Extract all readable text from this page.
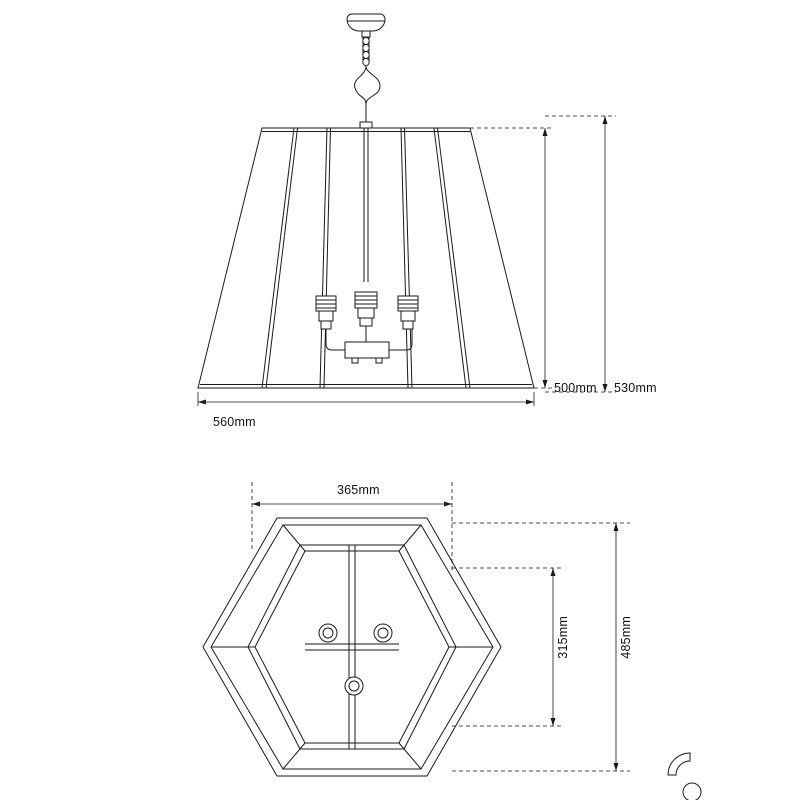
560mm
500mm 530mm
365mm
315mm	485mm
